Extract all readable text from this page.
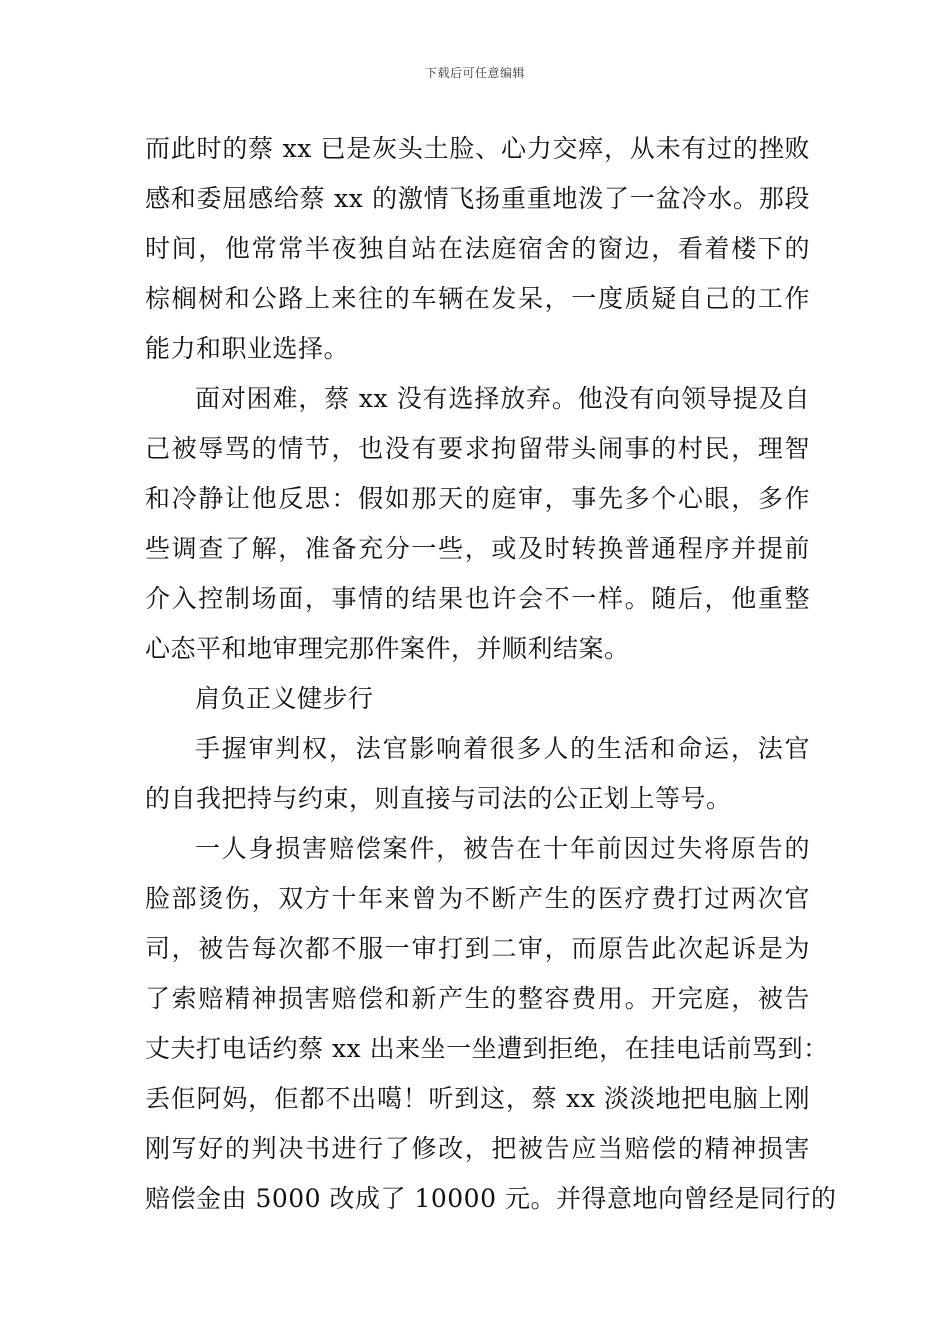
下载后可任意编辑
而此时的蔡 xx 已是灰头土脸、心力交瘁，从未有过的挫败
感和委屈感给蔡 xx 的激情飞扬重重地泼了一盆冷水。那段
时间，他常常半夜独自站在法庭宿舍的窗边，看着楼下的
棕榈树和公路上来往的车辆在发呆，一度质疑自己的工作
能力和职业选择。
面对困难，蔡 xx 没有选择放弃。他没有向领导提及自
己被辱骂的情节，也没有要求拘留带头闹事的村民，理智
和冷静让他反思：假如那天的庭审，事先多个心眼，多作
些调查了解，准备充分一些，或及时转换普通程序并提前
介入控制场面，事情的结果也许会不一样。随后，他重整
心态平和地审理完那件案件，并顺利结案。
肩负正义健步行
手握审判权，法官影响着很多人的生活和命运，法官
的自我把持与约束，则直接与司法的公正划上等号。
一人身损害赔偿案件，被告在十年前因过失将原告的
脸部烫伤，双方十年来曾为不断产生的医疗费打过两次官
司，被告每次都不服一审打到二审，而原告此次起诉是为
了索赔精神损害赔偿和新产生的整容费用。开完庭，被告
丈夫打电话约蔡 xx 出来坐一坐遭到拒绝，在挂电话前骂到：
丢佢阿妈，佢都不出噶！听到这，蔡 xx 淡淡地把电脑上刚
刚写好的判决书进行了修改，把被告应当赔偿的精神损害
赔偿金由 5000 改成了 10000 元。并得意地向曾经是同行的
